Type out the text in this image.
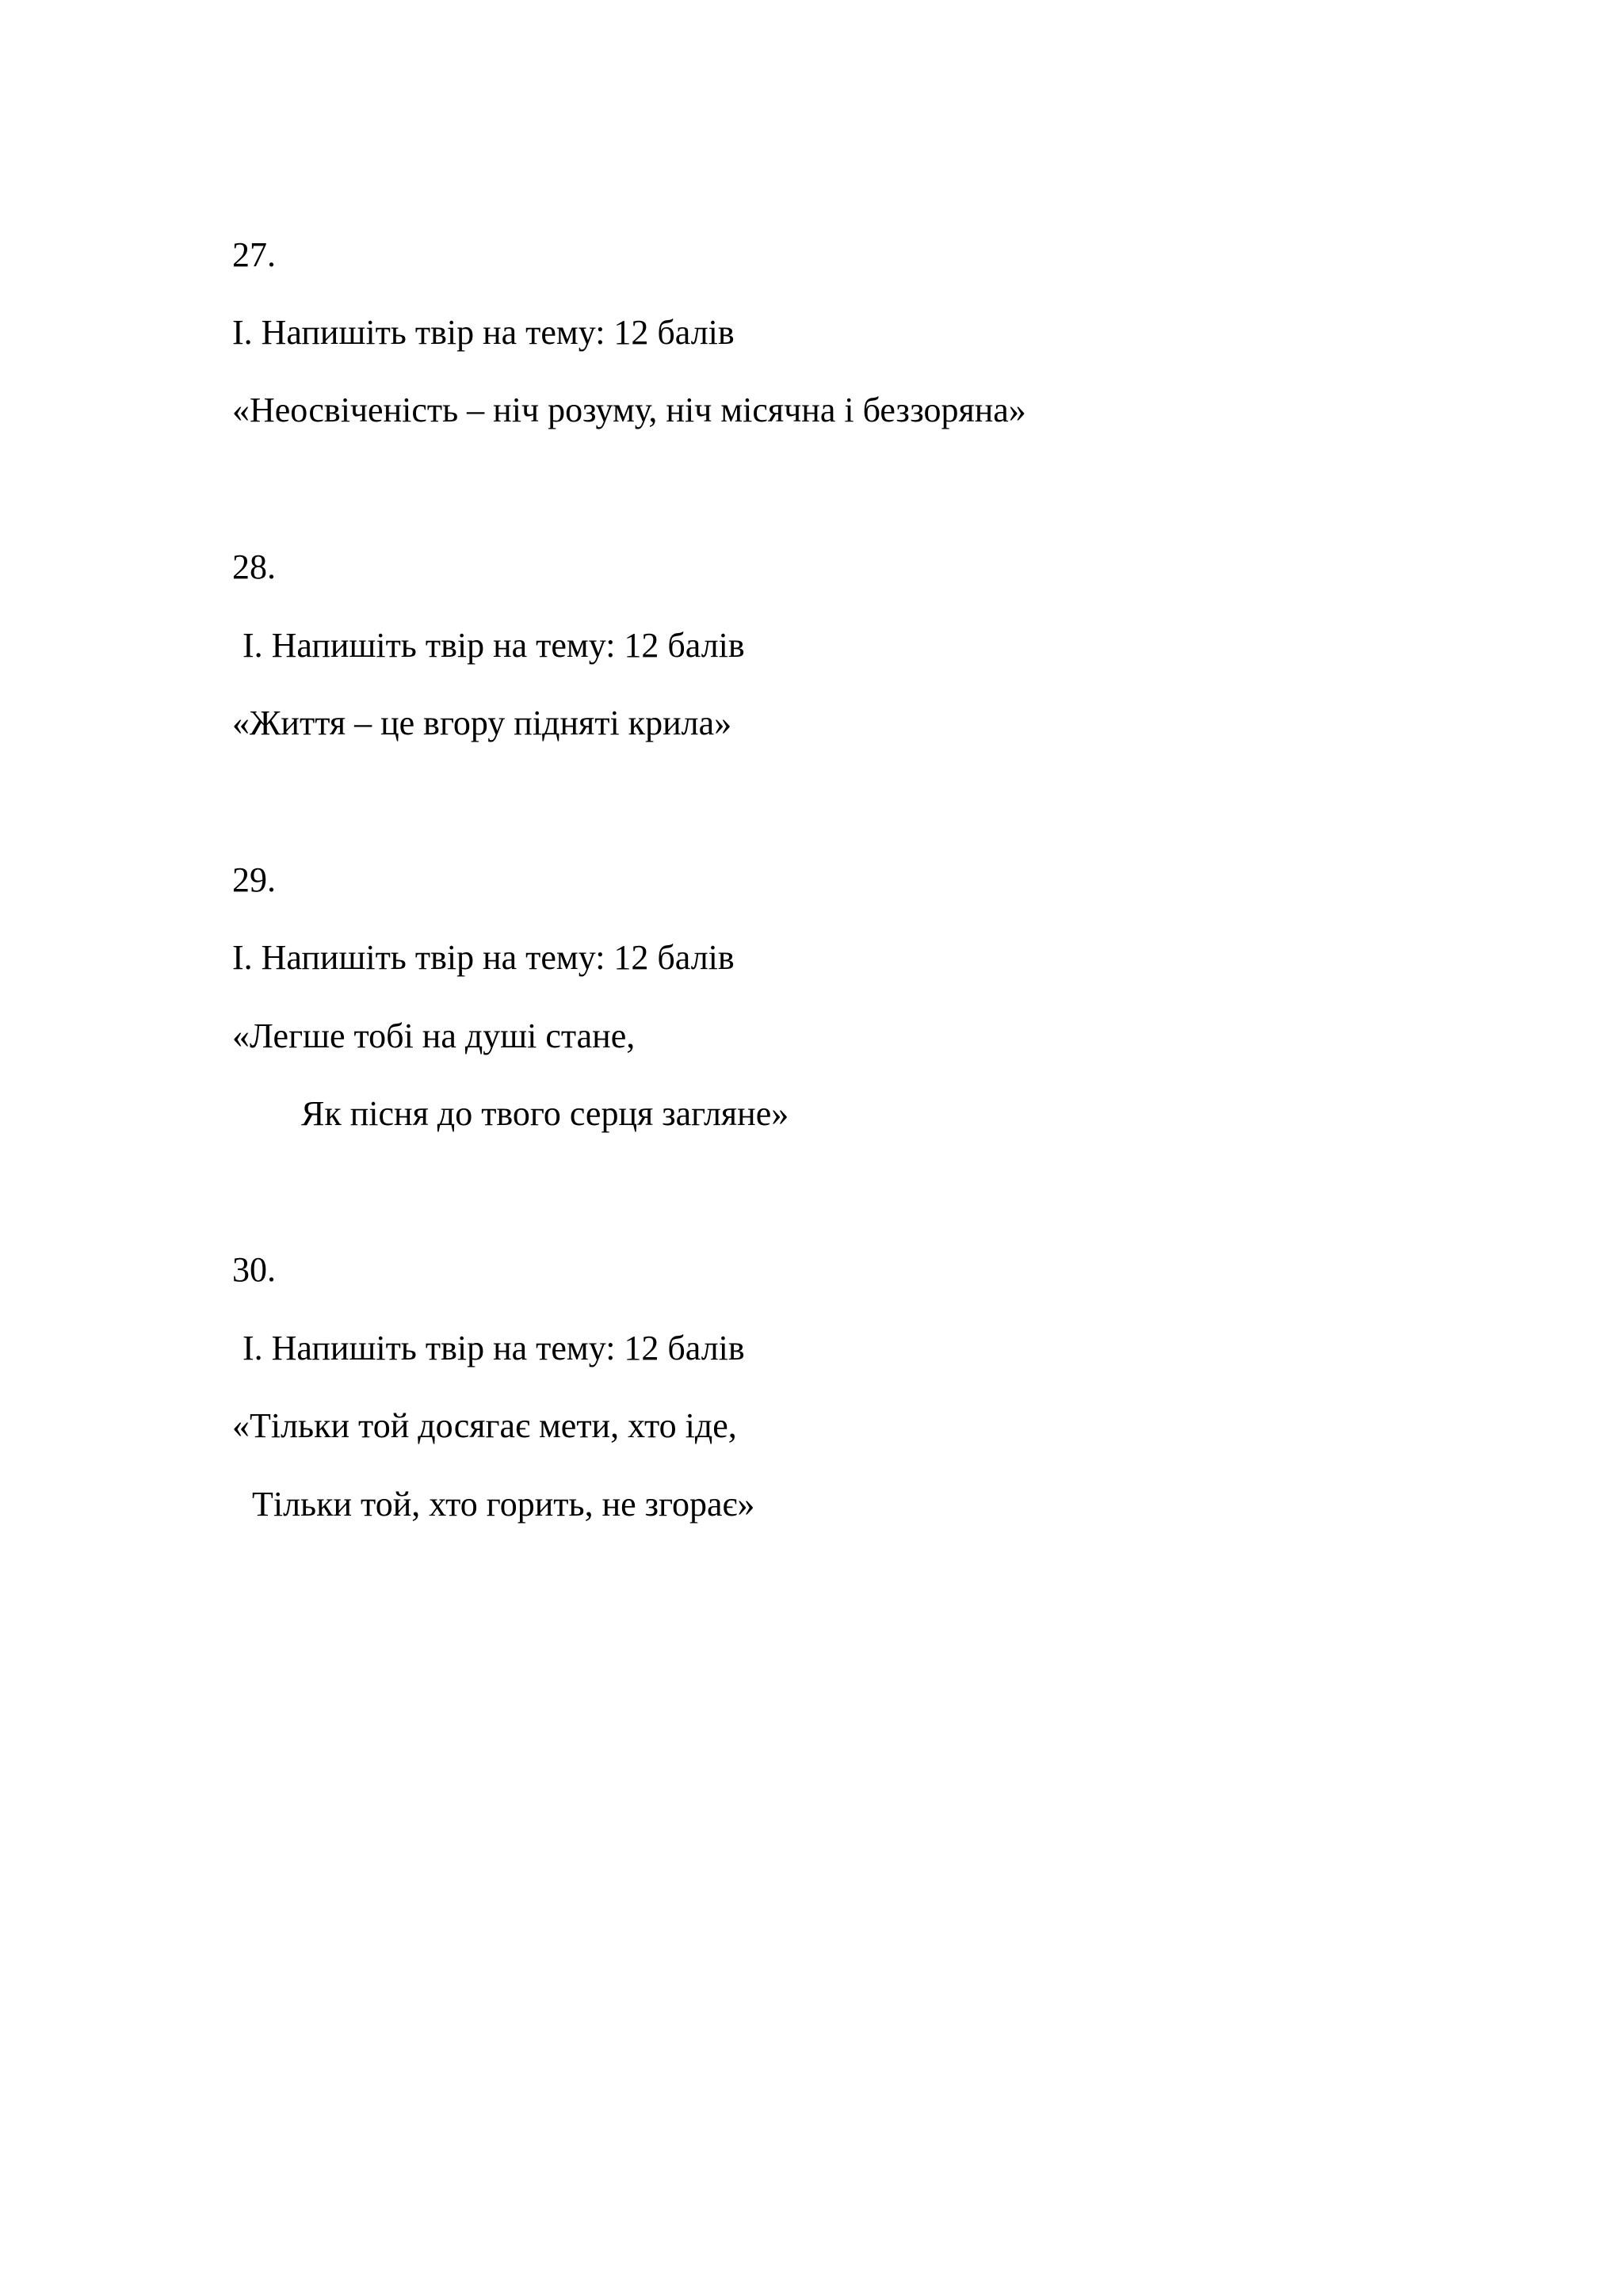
27.

І. Напишіть твір на тему: 12 балів

«Неосвіченість – ніч розуму, ніч місячна і беззоряна»

28.

І. Напишіть твір на тему: 12 балів

«Життя – це вгору підняті крила»

29.

І. Напишіть твір на тему: 12 балів

«Легше тобі на душі стане,

Як пісня до твого серця загляне»

30.

І. Напишіть твір на тему: 12 балів

«Тільки той досягає мети, хто іде,

Тільки той, хто горить, не згорає»
